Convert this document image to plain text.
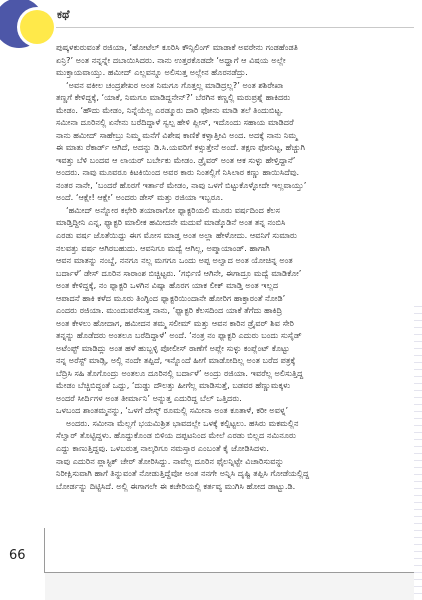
ಕಥೆ
ಪುಷ್ಕಳಕುರುವಂತೆ ರಜಿಯಾ, ‘ಹೋಟೆಲ್ ಕೂರಿಸಿ ಕೌನ್ಸಿಲಿಂಗ್ ಮಾಡಾಕೆ ಅವರೇನು ಗಂಡಹೆಂಡತಿ
ಏನ್ರಿ?’ ಅಂತ ನನ್ನನ್ನೇ ದಬಾಯಿಸಿದರು. ನಾನು ಉತ್ತರಕೊಡದೇ ‘ಅದ್ಹಾಗೆ ಆ ವಿಷಯ ಅಲ್ಲೇ
ಮುಕ್ತಾಯವಾಯ್ತು. ಹಮೀದ್ ಎಲ್ಲವನ್ನೂ ಅಲಿಸುತ್ತ ಅಲ್ಲೇನ ಹೊರನಡೆದ್ರು.
‘ಅವನ ವಕೀಲ ಚಂದ್ರಶೇಖರ ಅಂತ ನಿಮಗೂ ಗೊತ್ತಲ್ಲ ಮಾಡಿದ್ರಲ್ಲ?’ ಅಂತ ಶಶಿರೇಖಾ
ತಣ್ಣಗೆ ಕೇಳಿದ್ದಕ್ಕೆ, ‘ಯಾಕೆ, ನಿಮಗೂ ಮಾಡಿದ್ದನೇನ್?’ ಬೆರಗಿನ ಕಣ್ಣಲ್ಲಿ ಮರುಪ್ರಶ್ನೆ ಹಾಕಿದರು
ಮೇಡಂ. ‘ಹೌದು ಮೇಡಂ, ನಿನ್ನೆಯೆಲ್ಲ ಎರಡ್ಮೂರು ದಾರಿ ಫೋನು ಮಾಡಿ ತಲೆ ತಿಂದುಬಿಟ್ಟ.
ಸಮೀನಾ ದೂರಿನಲ್ಲಿ ಏನೇನು ಬರೆದಿದ್ದಾಳೆ ಸ್ವಲ್ಪ ಹೇಳಿ ಪ್ಲೀಸ್, ಇದೊಂದು ಸಹಾಯ ಮಾಡಿದರೆ
ನಾನು ಹಮೀದ್ ಸಾಹೇಬ್ರು ನಿಮ್ಮ ಮನೆಗೆ ವಿಶೇಷ ಕಾಣಿಕೆ ಕಳ್ಸಾತ್ತೀವಿ ಅಂದ. ಅದಕ್ಕೆ ನಾನು ನಿಮ್ಮ
ಈ ಮಾತು ರೆಕಾರ್ಡ್ ಆಗಿದೆ, ಅದನ್ನು ಡಿ.ಸಿ.ಯವರಿಗೆ ಕಳ್ಸುತ್ತೇನೆ ಅಂದೆ. ತಕ್ಷಣ ಫೋನಿಟ್ಟ, ಹೆಚ್ಚುಗಿ
ಇವತ್ತು ಬೆಳಿ ಬಂದವ ಆ ಲಾಯರ್ ಬರ್ಬೇಕು ಮೇಡಂ. ಡ್ರೈವರ್ ಅಂತ ಆಕ ಸುಳ್ಳು ಹೇಳ್ತಿದ್ದಾನೆ’
ಅಂದರು. ನಾವು ಮೂವರೂ ಕಿಟಕಿಯಿಂದ ಅವರ ಕಾರು ನಿಂತಲ್ಲಿಗೆ ನಿಸಿಲಾರ ಕಣ್ಣು ಹಾಯಿಸಿದೆವು.
ನಂತರ ನಾನೇ, ‘ಬಂದರೆ ಹೊರಗೆ ಇರ್ತಾರೆ ಮೇಡಂ, ನಾವು ಒಳಗೆ ಬಿಟ್ಟುಕೊಳ್ಳೋದೇ ಇಲ್ಲವಾಯ್ತು’
ಅಂದೆ. ‘ಆಕ್ಷೇ! ಆಕ್ಷೇ’ ಅಂದರು ಡೇಸ್ ಮತ್ತು ರಜಿಯಾ ಇಬ್ಬರೂ.
‘ಹಮೀದ್ ಅನ್ನೋರ ಕಛೇರಿ ತಯಾರಾಗೋ ಫ್ಯಾಕ್ಟರಿಯಲಿ ಮೂರು ವರ್ಷದಿಂದ ಕೆಲಸ
ಮಾಡ್ತಿದ್ದೀನಿ ಎನ್ನ, ಫ್ಯಾಕ್ಟರಿ ಮಾಲೀಕ ಹಮೀದನೇ ಮದುವೆ ಮಾಡ್ಕೊಡಿನೆ ಅಂತ ತನ್ನ ನಂಬಿಸಿ
ಎರಡು ವರ್ಷ ಜೊತೆಯಿದ್ದು ಈಗ ಮೋಸ ಮಾಡ್ತ ಅಂತ ಅಲ್ಲಾ ಹೇಳೋದು. ಆವನಿಗೆ ಸುಮಾರು
ನಲವತ್ತು ವರ್ಷ ಆಗಿರಬಹುದು. ಆವನಿಗೂ ಮದ್ವೆ ಆಗಿಲ್ಲ, ಅಪ್ಮಾಯಾಂಡ್. ಹಾಗಾಗಿ
ಆವನ ಮಾತನ್ನು ನಂಬ್ದೆ, ನನಗೂ ನಲ್ಲ ಮಗಗೂ ಒಂದು ಅಪ್ಪ ಅಲ್ವಾದ ಅಂತ ಯೋಚಿನ್ನ ಅಂತ
ಬರ್ದಾಳೆ’ ಡೇಸ್ ದೂರಿನ ಸಾರಾಂಶ ಬಿಚ್ಚಿಟ್ಟರು. ‘ಗರ್ಭಿಣಿ ಆಗಿನೇ, ಈಗಾದ್ರೂ ಮದ್ವೆ ಮಾಡಿಕೋ’
ಅಂತ ಕೇಳಿದ್ದಕ್ಕೆ, ನಂ ಫ್ಯಾಕ್ಟರಿ ಒಳಗಿನ ವಿಷ್ಯಾ ಹೊರಗ ಯಾಕ ಲೀಕ್ ಮಾಡ್ತಿ ಅಂತ ಇಲ್ಲದ
ಆಪಾದನೆ ಹಾಕಿ ಕಳೆದ ಮೂರು ತಿಂಗ್ಳಿಂದ ಫ್ಯಾಕ್ಟರಿಯಿಂದಾನೇ ಹೋರಿಗ ಹಾಕ್ತಾರಂತೆ ನೋಡಿ’
ಎಂದರು ರಜಿಯಾ. ಮುಂದುವರೆಸುತ್ತ ನಾನು, ‘ಫ್ಯಾಕ್ಟರಿ ಕೆಲಸದಿಂದ ಯಾಕೆ ತೆಗೆದು ಹಾಕಿದ್ರಿ
ಅಂತ ಕೇಳಲು ಹೋದಾಗ, ಹಮೀದನ ತಮ್ಮ ಸಲೀಮ್ ಮತ್ತು ಆವನ ಕಾರಿನ ಡ್ರೈವರ್ ಶಿವ ಸೇರಿ
ತನ್ನನ್ನು ಹೊಡೆದರು ಅಂತಲೂ ಬರೆದಿದ್ದಾಳೆ’ ಅಂದೆ. ‘ನಂತ್ರ ನಂ ಫ್ಯಾಕ್ಟರಿ ಎದುರು ಬಂದು ಸುಸೈಡ್
ಅಟೆಂಪ್ಟ್ ಮಾಡಿದ್ಲು ಅಂತ ಹಳೆ ಹುಬ್ಬಳ್ಳಿ ಪೋಲೀಸ್ ಠಾಣೆಗೆ ಅಪ್ಲೇ ಸುಳ್ಳು ಕಂಪ್ಲೆಂಟ್ ಕೊಟ್ಟು
ನನ್ನ ಅರೆಸ್ಟ್ ಮಾಡ್ಸಿ, ಅಲ್ಲಿ ನಂದೇ ತಪ್ಪಿದೆ, ಇನ್ನೊಂದೆ ಹೀಗೆ ಮಾಡೋದಿಲ್ಲ ಅಂತ ಬರೆದ ಪತ್ರಕ್ಕೆ
ಬೆದ್ರಿಸಿ ಸಹಿ ತೊಗೊಂದ್ರು ಅಂತಲೂ ದೂರಿನಲ್ಲಿ ಬರ್ದಾಳೆ’ ಅಂದ್ರು ರಜಿಯಾ. ಇವರೆಲ್ಲ ಅಲಿಸುತ್ತಿದ್ದ
ಮೇಡಂ ಬೆಚ್ಚಿಬಿದ್ದಂತೆ ಒದ್ದು, ‘ದುಡ್ಡು ದೌಲತ್ತು ಹೀಗೆಲ್ಲ ಮಾಡಿಸುತ್ತೆ, ಬಡವರ ಹೆಣ್ಣುಮಕ್ಕಳು
ಅಂದರೆ ಸೀರ್ದಿಗಳ ಅಂತ ತೀರ್ಮಾನಿ’ ಅನ್ನುತ್ತ ಎದುರಿದ್ದ ಬೆಲ್ ಒತ್ತಿದರು.
ಒಳಬಂದ ಶಾಂತಮ್ಮನನ್ನು, ‘ಒಳಗೆ ದೇಸ್ಕ್ ರೂಮಲ್ಲಿ ಸಮೀನಾ ಅಂತ ಕೂತಾಳೆ, ಕರೀ ಅವಳ್ನ’
ಅಂದರು. ಸಮೀನಾ ಮೆಲ್ಲಗೆ ಭಯಮಿಶ್ರಿತ ಭಾವದಲ್ಲೇ ಒಳಕ್ಕೆ ಕಲ್ಪಿಟ್ಟಲು. ಹಸಿರು ಮಕಮಲ್ಲಿನ
ಸೆಲ್ವಾರ್ ತೊಟ್ಟಿದ್ದಳು. ಹೊದ್ದುಕೊಂಡ ಬಿಳಿಯ ದಪ್ಪಟನಿಂದ ಮೇಲೆ ಎರಡು ಬಿಲ್ಲದ ನಮಿನೂರು
ಎದ್ದು ಕಾಣುತ್ತಿದ್ದವು. ಒಳಬರುತ್ತ ನಾಲ್ಕರಿಗೂ ನಮಸ್ತಾರ ಎಂಬಂತೆ ಕೈ ಜೋಡಿಸಿದಳು.
ನಾವು ಎದುರಿನ ಪ್ಲಾಸ್ಟಿಕ್ ಚೇರ್ ತೋರಿಸಿದ್ದು. ನಾವೆಲ್ಲ ದೂರಿನ ಫೈಲನ್ನಿಟ್ಟೇ ವಿಚಾರಿಸುವನ್ನು
ನಿರೀಕ್ಷಿಸುವಾಗಿ ಹಾಗೆ ತಿನ್ನುವಂತೆ ನೋಡುತ್ತಿದ್ದೆವೋ ಅಂತ ನನಗೇ ಅನ್ನಿಸಿ ದೃಷ್ಟಿ ತಪ್ಪಿಸಿ ಗೋಡೆಯಲ್ಲಿದ್ದ
ಬೋರ್ಡನ್ನು ದಿಟ್ಟಿಸಿದೆ. ಅಲ್ಲಿ ಈಗಾಗಲೇ ಈ ಕಚೇರಿಯಲ್ಲಿ ಕರ್ತವ್ಯ ಮುಗಿಸಿ ಹೋದ ಡಾಟ್ಟ್ರು.ಡಿ.
66
